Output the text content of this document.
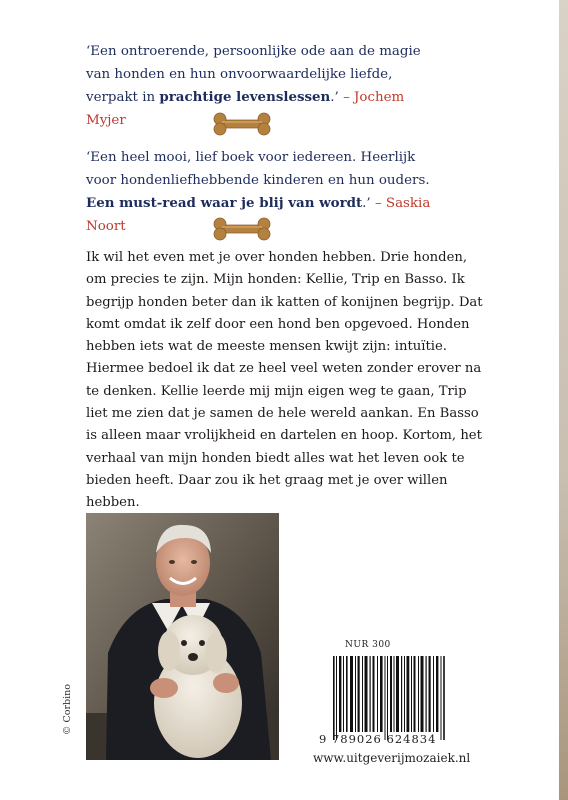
‘Een ontroerende, persoonlijke ode aan de magie van honden en hun onvoorwaardelijke liefde, verpakt in prachtige levenslessen.’ – Jochem Myjer
‘Een heel mooi, lief boek voor iedereen. Heerlijk voor hondenliefhebbende kinderen en hun ouders. Een must-read waar je blij van wordt.’ – Saskia Noort

Ik wil het even met je over honden hebben. Drie honden, om precies te zijn. Mijn honden: Kellie, Trip en Basso. Ik begrijp honden beter dan ik katten of konijnen begrijp. Dat komt omdat ik zelf door een hond ben opgevoed. Honden hebben iets wat de meeste mensen kwijt zijn: intuïtie. Hiermee bedoel ik dat ze heel veel weten zonder erover na te denken. Kellie leerde mij mijn eigen weg te gaan, Trip liet me zien dat je samen de hele wereld aankan. En Basso is alleen maar vrolijkheid en dartelen en hoop. Kortom, het verhaal van mijn honden biedt alles wat het leven ook te bieden heeft. Daar zou ik het graag met je over willen hebben.

© Corbino
NUR 300
9 789026 624834
www.uitgeverijmozaiek.nl
